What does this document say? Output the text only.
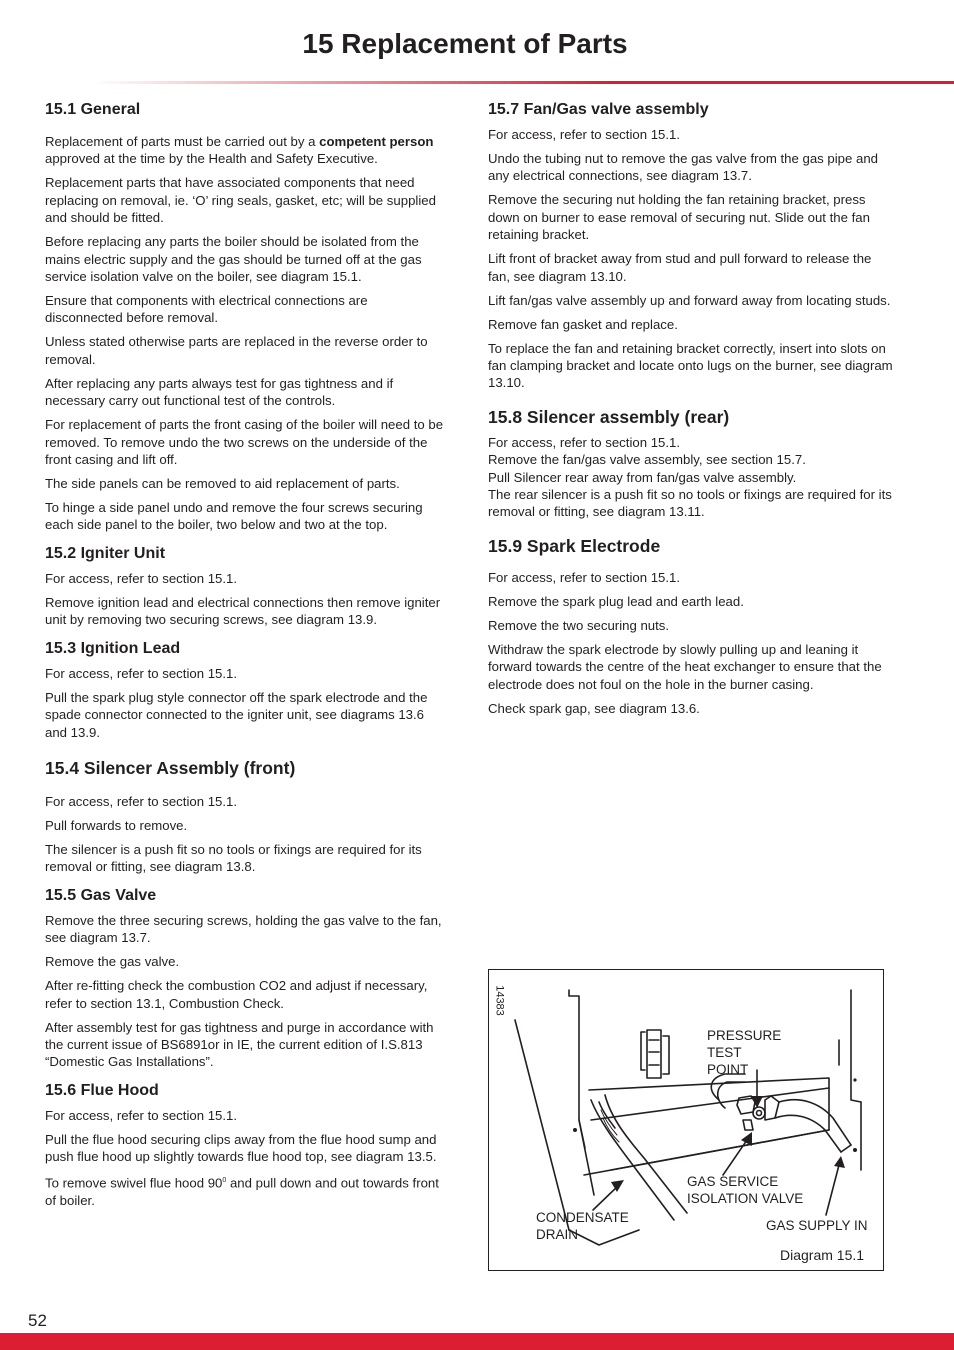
15 Replacement of Parts
15.1 General

Replacement of parts must be carried out by a competent person approved at the time by the Health and Safety Executive.

Replacement parts that have associated components that need replacing on removal, ie. ‘O’ ring seals, gasket, etc; will be supplied and should be fitted.

Before replacing any parts the boiler should be isolated from the mains electric supply and the gas should be turned off at the gas service isolation valve on the boiler, see diagram 15.1.

Ensure that components with electrical connections are disconnected before removal.

Unless stated otherwise parts are replaced in the reverse order to removal.

After replacing any parts always test for gas tightness and if necessary carry out functional test of the controls.

For replacement of parts the front casing of the boiler will need to be removed. To remove undo the two screws on the underside of the front casing and lift off.

The side panels can be removed to aid replacement of parts.

To hinge a side panel undo and remove the four screws securing each side panel to the boiler, two below and two at the top.

15.2 Igniter Unit

For access, refer to section 15.1.

Remove ignition lead and electrical connections then remove igniter unit by removing two securing screws, see diagram 13.9.

15.3 Ignition Lead

For access, refer to section 15.1.

Pull the spark plug style connector off the spark electrode and the spade connector connected to the igniter unit, see diagrams 13.6 and 13.9.

15.4 Silencer Assembly (front)

For access, refer to section 15.1.

Pull forwards to remove.

The silencer is a push fit so no tools or fixings are required for its removal or fitting, see diagram 13.8.

15.5 Gas Valve

Remove the three securing screws, holding the gas valve to the fan, see diagram 13.7.

Remove the gas valve.

After re-fitting check the combustion CO2 and adjust if necessary, refer to section 13.1, Combustion Check.

After assembly test for gas tightness and purge in accordance with the current issue of BS6891or in IE, the current edition of I.S.813 “Domestic Gas Installations”.

15.6 Flue Hood

For access, refer to section 15.1.

Pull the flue hood securing clips away from the flue hood sump and push flue hood up slightly towards flue hood top, see diagram 13.5.

To remove swivel flue hood $90^0$ and pull down and out towards front of boiler.

15.7 Fan/Gas valve assembly

For access, refer to section 15.1.

Undo the tubing nut to remove the gas valve from the gas pipe and any electrical connections, see diagram 13.7.

Remove the securing nut holding the fan retaining bracket, press down on burner to ease removal of securing nut. Slide out the fan retaining bracket.

Lift front of bracket away from stud and pull forward to release the fan, see diagram 13.10.

Lift fan/gas valve assembly up and forward away from locating studs.

Remove fan gasket and replace.

To replace the fan and retaining bracket correctly, insert into slots on fan clamping bracket and locate onto lugs on the burner, see diagram 13.10.

15.8 Silencer assembly (rear)

For access, refer to section 15.1.

Remove the fan/gas valve assembly, see section 15.7.

Pull Silencer rear away from fan/gas valve assembly.

The rear silencer is a push fit so no tools or fixings are required for its removal or fitting, see diagram 13.11.

15.9 Spark Electrode

For access, refer to section 15.1.

Remove the spark plug lead and earth lead.

Remove the two securing nuts.

Withdraw the spark electrode by slowly pulling up and leaning it forward towards the centre of the heat exchanger to ensure that the electrode does not foul on the hole in the burner casing.

Check spark gap, see diagram 13.6.

14383
PRESSURE
TEST
POINT
GAS SERVICE
ISOLATION VALVE
CONDENSATE
DRAIN
GAS SUPPLY IN
Diagram 15.1
52
